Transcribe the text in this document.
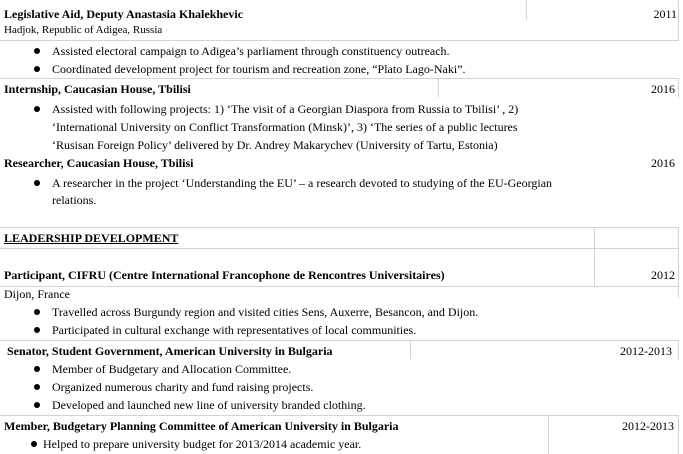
Legislative Aid, Deputy Anastasia Khalekhevic	2011
Hadjok, Republic of Adigea, Russia
Assisted electoral campaign to Adigea’s parliament through constituency outreach.
Coordinated development project for tourism and recreation zone, “Plato Lago-Naki”.
Internship, Caucasian House, Tbilisi	2016
Assisted with following projects: 1) ‘The visit of a Georgian Diaspora from Russia to Tbilisi’ , 2)
‘International University on Conflict Transformation (Minsk)’, 3) ‘The series of a public lectures
‘Rusisan Foreign Policy’ delivered by Dr. Andrey Makarychev (University of Tartu, Estonia)
Researcher, Caucasian House, Tbilisi	2016
A researcher in the project ‘Understanding the EU’ – a research devoted to studying of the EU-Georgian
relations.
LEADERSHIP DEVELOPMENT
Participant, CIFRU (Centre International Francophone de Rencontres Universitaires)	2012
Dijon, France
Travelled across Burgundy region and visited cities Sens, Auxerre, Besancon, and Dijon.
Participated in cultural exchange with representatives of local communities.
Senator, Student Government, American University in Bulgaria	2012-2013
Member of Budgetary and Allocation Committee.
Organized numerous charity and fund raising projects.
Developed and launched new line of university branded clothing.
Member, Budgetary Planning Committee of American University in Bulgaria	2012-2013
Helped to prepare university budget for 2013/2014 academic year.
